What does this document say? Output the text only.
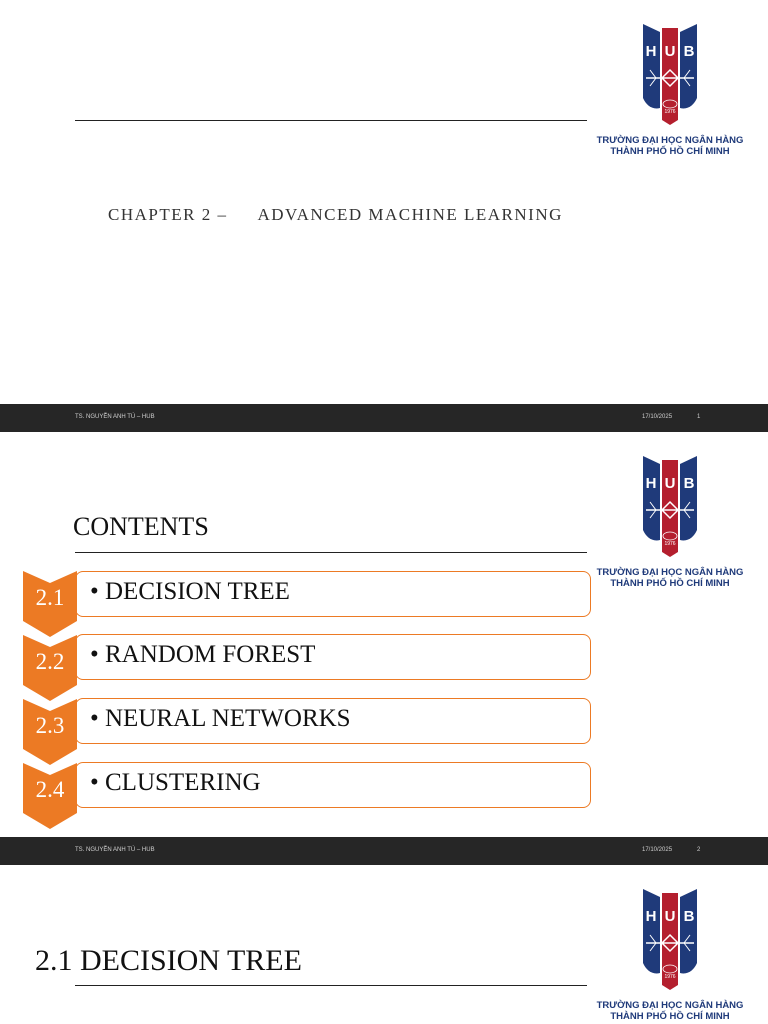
H U B
1976
TRƯỜNG ĐẠI HỌC NGÂN HÀNG
THÀNH PHỐ HỒ CHÍ MINH
CHAPTER 2 – ADVANCED MACHINE LEARNING
TS. NGUYỄN ANH TÚ – HUB	17/10/2025	1
H U B
1976
TRƯỜNG ĐẠI HỌC NGÂN HÀNG
THÀNH PHỐ HỒ CHÍ MINH
CONTENTS
• DECISION TREE
2.1
• RANDOM FOREST
2.2
• NEURAL NETWORKS
2.3
• CLUSTERING
2.4
TS. NGUYỄN ANH TÚ – HUB	17/10/2025	2
H U B
1976
TRƯỜNG ĐẠI HỌC NGÂN HÀNG
THÀNH PHỐ HỒ CHÍ MINH
2.1 DECISION TREE
